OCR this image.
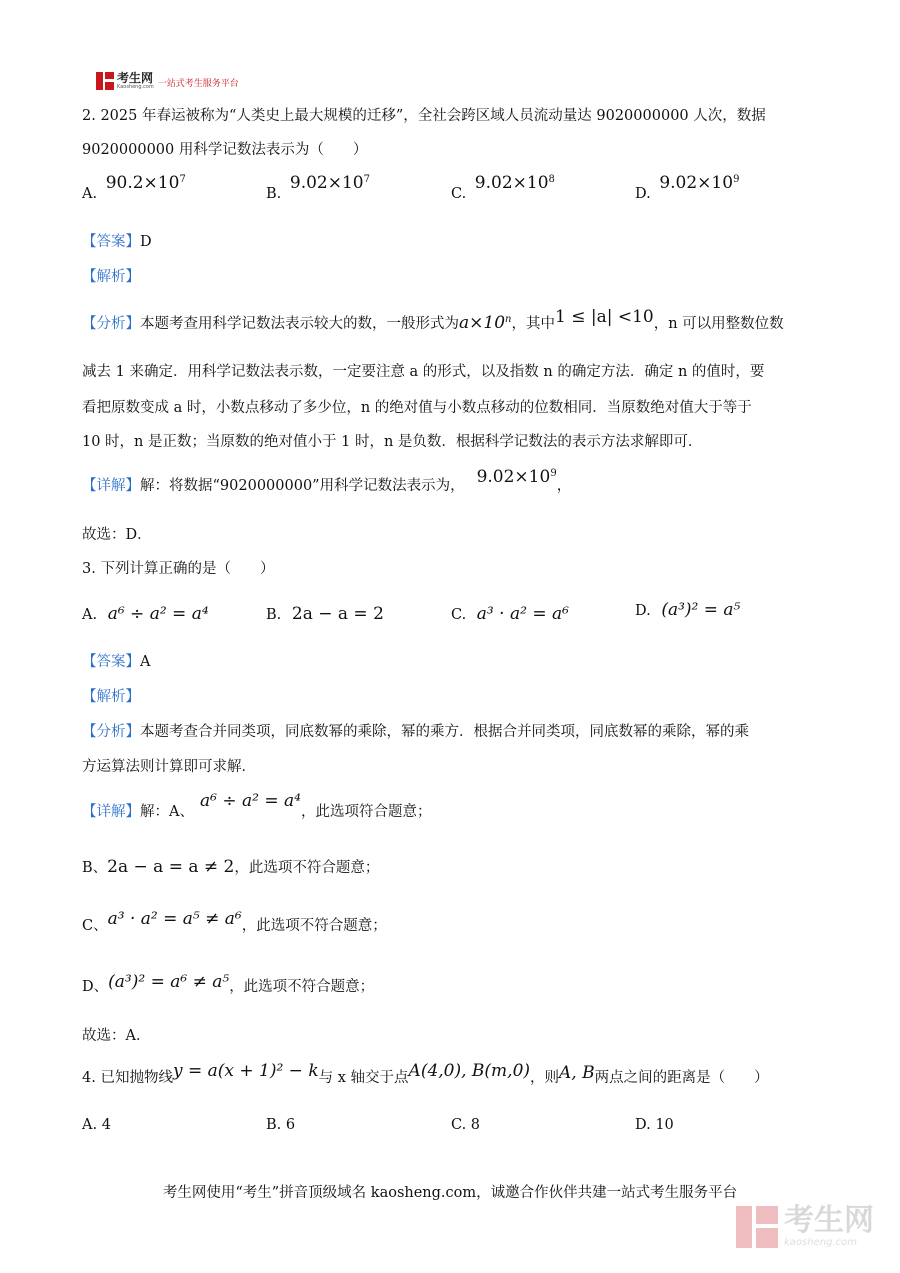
考生网
Kaosheng.com 一站式考生服务平台
2. 2025 年春运被称为“人类史上最大规模的迁移”，全社会跨区域人员流动量达 9020000000 人次，数据
9020000000 用科学记数法表示为（　　）
A. $90.2\times 10^7$
B. $9.02\times 10^7$
C. $9.02\times 10^8$
D. $9.02\times 10^9$
【答案】D
【解析】
【分析】本题考查用科学记数法表示较大的数，一般形式为$a\times 10^n$，其中1 ≤ |a| <10，n 可以用整数位数
减去 1 来确定．用科学记数法表示数，一定要注意 a 的形式，以及指数 n 的确定方法．确定 n 的值时，要
看把原数变成 a 时，小数点移动了多少位，n 的绝对值与小数点移动的位数相同．当原数绝对值大于等于
10 时，n 是正数；当原数的绝对值小于 1 时，n 是负数．根据科学记数法的表示方法求解即可．
【详解】解：将数据“9020000000”用科学记数法表示为， $9.02\times 10^9$，
故选：D．
3. 下列计算正确的是（　　）
A. a⁶ ÷ a² = a⁴	B. 2a − a = 2	C. a³ · a² = a⁶	D. (a³)² = a⁵
【答案】A
【解析】
【分析】本题考查合并同类项，同底数幂的乘除，幂的乘方．根据合并同类项，同底数幂的乘除，幂的乘
方运算法则计算即可求解．
【详解】解：A、a⁶ ÷ a² = a⁴，此选项符合题意；
B、2a − a = a ≠ 2，此选项不符合题意；
C、a³ · a² = a⁵ ≠ a⁶，此选项不符合题意；
D、(a³)² = a⁶ ≠ a⁵，此选项不符合题意；
故选：A．
4. 已知抛物线y = a(x + 1)² − k与 x 轴交于点A(4,0), B(m,0)，则A, B两点之间的距离是（　　）
A. 4	B. 6	C. 8	D. 10
考生网使用“考生”拼音顶级域名 kaosheng.com，诚邀合作伙伴共建一站式考生服务平台
考生网
kaosheng.com
